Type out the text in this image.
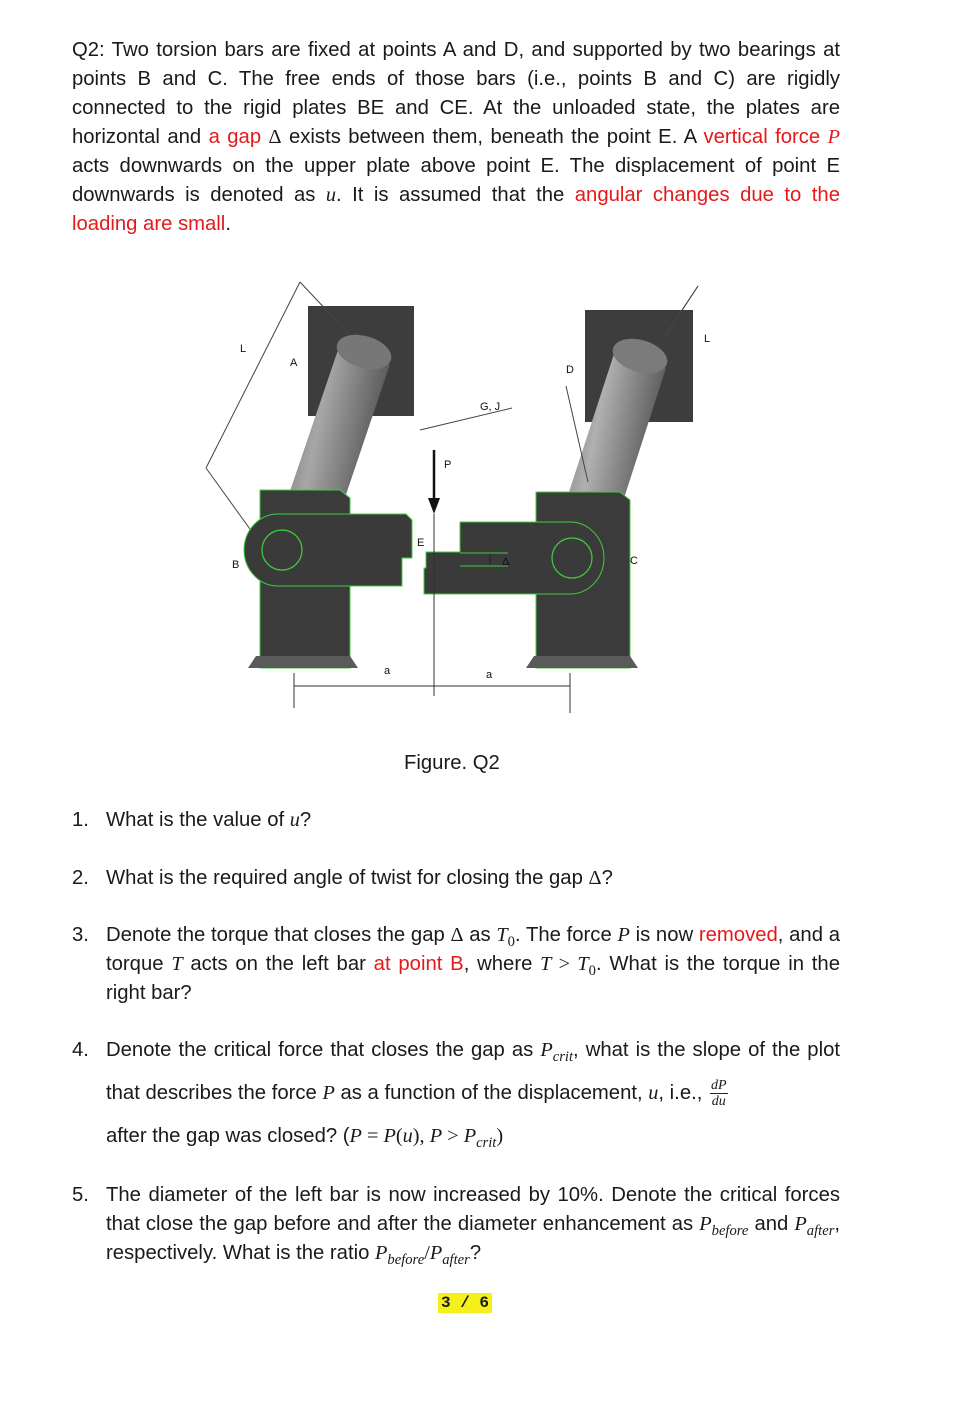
Q2: Two torsion bars are fixed at points A and D, and supported by two bearings at points B and C. The free ends of those bars (i.e., points B and C) are rigidly connected to the rigid plates BE and CE. At the unloaded state, the plates are horizontal and a gap Δ exists between them, beneath the point E. A vertical force P acts downwards on the upper plate above point E. The displacement of point E downwards is denoted as u. It is assumed that the angular changes due to the loading are small.
L
L
A
D
G, J
P
E
Δ
B	C
a	a
Figure. Q2
1. What is the value of u?
2. What is the required angle of twist for closing the gap Δ?
3. Denote the torque that closes the gap Δ as $T_0$. The force P is now removed, and a torque T acts on the left bar at point B, where $T > T_0$. What is the torque in the right bar?
4. Denote the critical force that closes the gap as $P_{crit}$, what is the slope of the plot that describes the force P as a function of the displacement, u, i.e., $\frac{dP}{du}$

after the gap was closed? (P = P(u), $P > P_{crit}$)
5. The diameter of the left bar is now increased by 10%. Denote the critical forces that close the gap before and after the diameter enhancement as $P_{before}$ and $P_{after}$, respectively. What is the ratio $P_{before}/P_{after}$?
3 / 6
